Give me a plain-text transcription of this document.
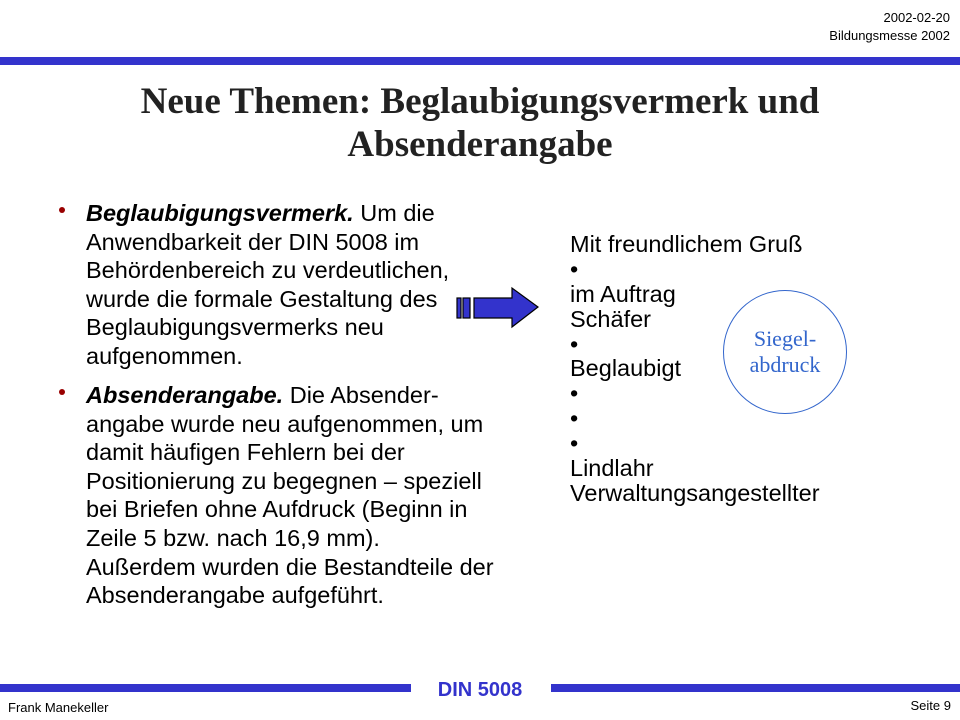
2002-02-20
Bildungsmesse 2002
Neue Themen: Beglaubigungsvermerk und Absenderangabe
Beglaubigungsvermerk. Um die
Anwendbarkeit der DIN 5008 im
Behördenbereich zu verdeutlichen,
wurde die formale Gestaltung des
Beglaubigungsvermerks neu
aufgenommen.
Absenderangabe. Die Absender-
angabe wurde neu aufgenommen, um
damit häufigen Fehlern bei der
Positionierung zu begegnen – speziell
bei Briefen ohne Aufdruck (Beginn in
Zeile 5 bzw. nach 16,9 mm).
Außerdem wurden die Bestandteile der
Absenderangabe aufgeführt.
Mit freundlichem Gruß
•
im Auftrag
Schäfer
•
Beglaubigt
•
•
•
Lindlahr
Verwaltungsangestellter
Siegel-
abdruck
DIN 5008
Frank Manekeller	Seite 9
